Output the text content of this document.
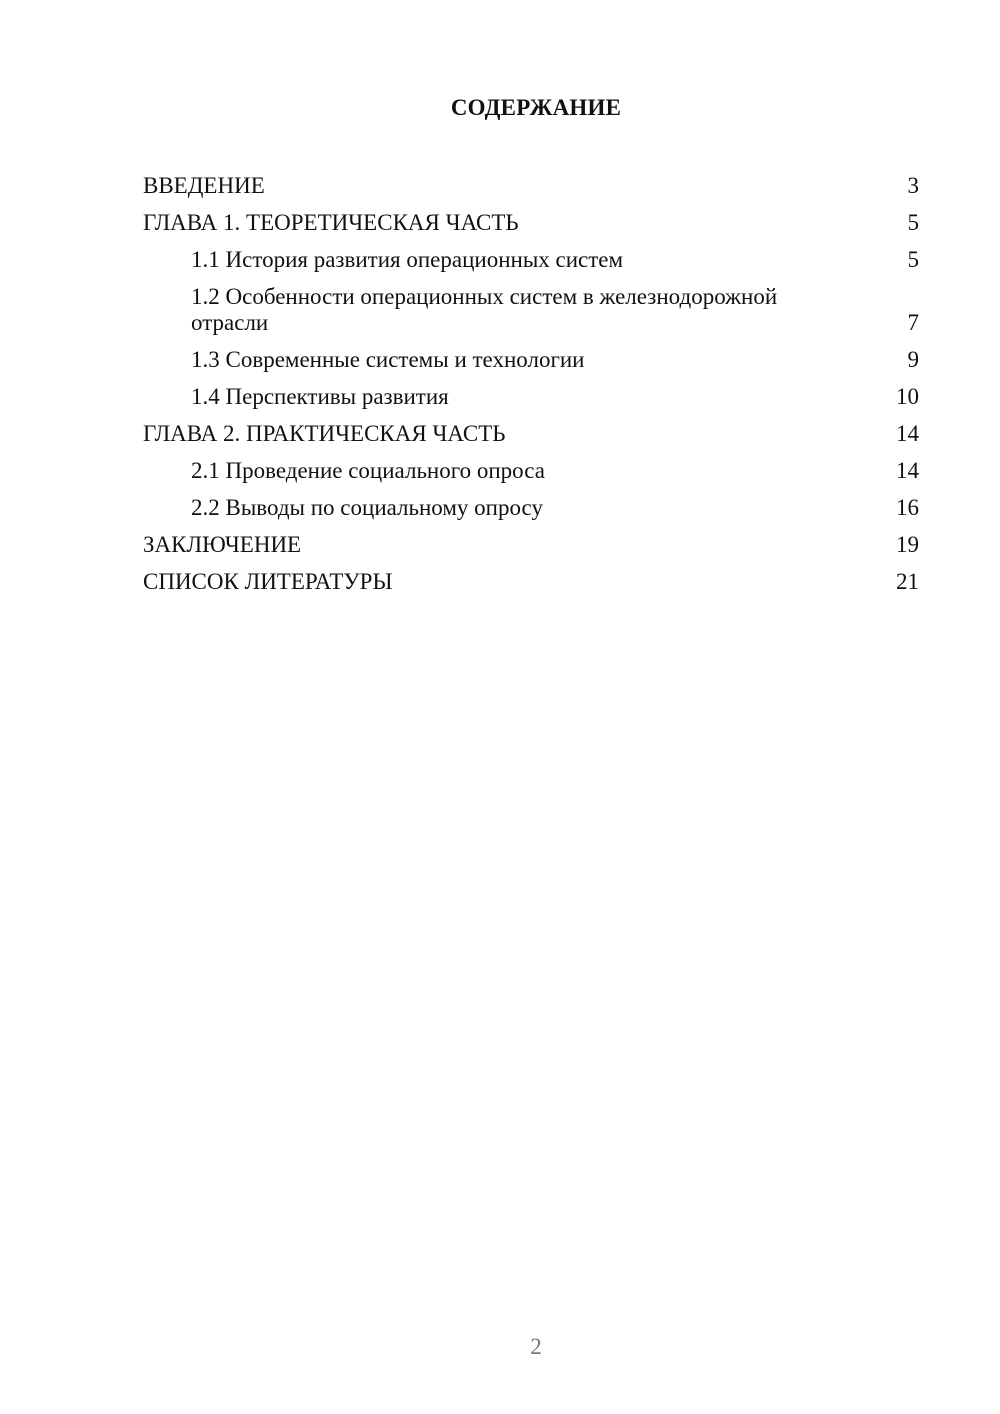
СОДЕРЖАНИЕ
ВВЕДЕНИЕ	3
ГЛАВА 1. ТЕОРЕТИЧЕСКАЯ ЧАСТЬ	5
1.1 История развития операционных систем	5
1.2 Особенности операционных систем в железнодорожной отрасли	7
1.3 Современные системы и технологии	9
1.4 Перспективы развития	10
ГЛАВА 2. ПРАКТИЧЕСКАЯ ЧАСТЬ	14
2.1 Проведение социального опроса	14
2.2 Выводы по социальному опросу	16
ЗАКЛЮЧЕНИЕ	19
СПИСОК ЛИТЕРАТУРЫ	21
2
